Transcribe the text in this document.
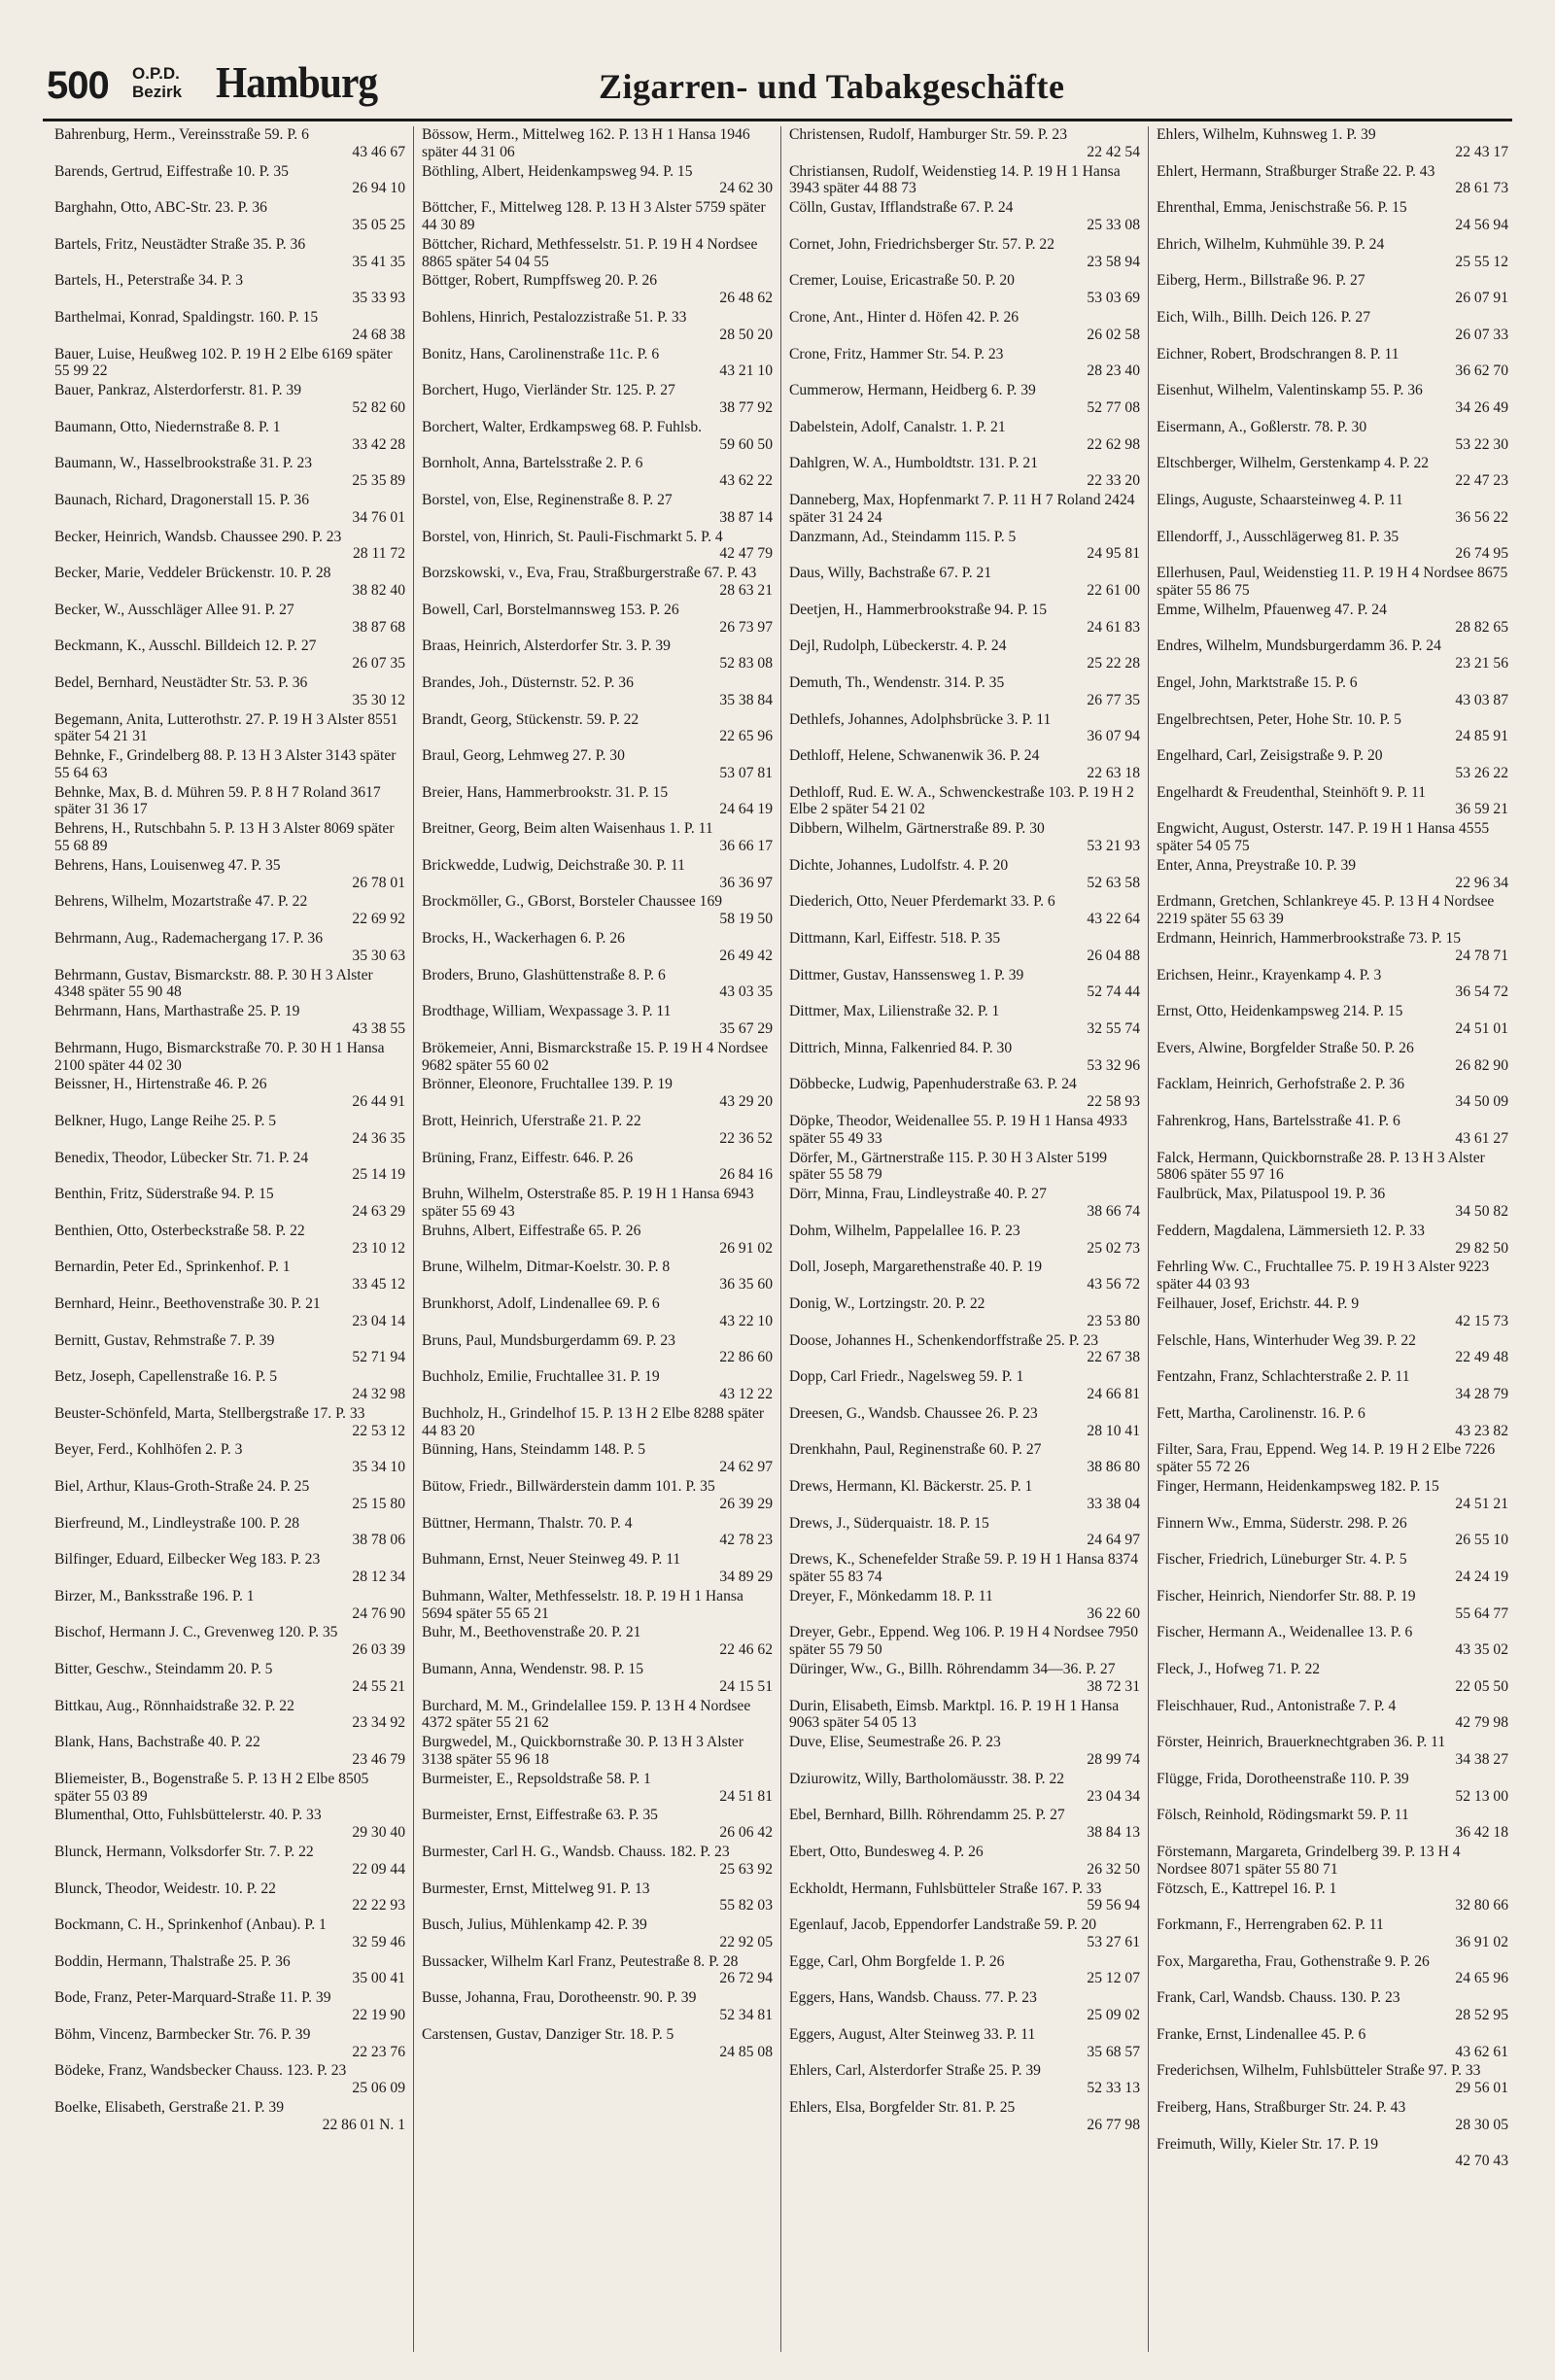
500 O.P.D.
Bezirk Hamburg	Zigarren- und Tabakgeschäfte
Bahrenburg, Herm., Vereinsstraße 59. P. 6
43 46 67
Barends, Gertrud, Eiffestraße 10. P. 35
26 94 10
Barghahn, Otto, ABC-Str. 23. P. 36
35 05 25
Bartels, Fritz, Neustädter Straße 35. P. 36
35 41 35
Bartels, H., Peterstraße 34. P. 3
35 33 93
Barthelmai, Konrad, Spaldingstr. 160. P. 15
24 68 38
Bauer, Luise, Heußweg 102. P. 19 H 2 Elbe 6169 später 55 99 22
Bauer, Pankraz, Alsterdorferstr. 81. P. 39
52 82 60
Baumann, Otto, Niedernstraße 8. P. 1
33 42 28
Baumann, W., Hasselbrookstraße 31. P. 23
25 35 89
Baunach, Richard, Dragonerstall 15. P. 36
34 76 01
Becker, Heinrich, Wandsb. Chaussee 290. P. 23
28 11 72
Becker, Marie, Veddeler Brückenstr. 10. P. 28
38 82 40
Becker, W., Ausschläger Allee 91. P. 27
38 87 68
Beckmann, K., Ausschl. Billdeich 12. P. 27
26 07 35
Bedel, Bernhard, Neustädter Str. 53. P. 36
35 30 12
Begemann, Anita, Lutterothstr. 27. P. 19 H 3 Alster 8551 später 54 21 31
Behnke, F., Grindelberg 88. P. 13 H 3 Alster 3143 später 55 64 63
Behnke, Max, B. d. Mühren 59. P. 8 H 7 Roland 3617 später 31 36 17
Behrens, H., Rutschbahn 5. P. 13 H 3 Alster 8069 später 55 68 89
Behrens, Hans, Louisenweg 47. P. 35
26 78 01
Behrens, Wilhelm, Mozartstraße 47. P. 22
22 69 92
Behrmann, Aug., Rademachergang 17. P. 36
35 30 63
Behrmann, Gustav, Bismarckstr. 88. P. 30 H 3 Alster 4348 später 55 90 48
Behrmann, Hans, Marthastraße 25. P. 19
43 38 55
Behrmann, Hugo, Bismarckstraße 70. P. 30 H 1 Hansa 2100 später 44 02 30
Beissner, H., Hirtenstraße 46. P. 26
26 44 91
Belkner, Hugo, Lange Reihe 25. P. 5
24 36 35
Benedix, Theodor, Lübecker Str. 71. P. 24
25 14 19
Benthin, Fritz, Süderstraße 94. P. 15
24 63 29
Benthien, Otto, Osterbeckstraße 58. P. 22
23 10 12
Bernardin, Peter Ed., Sprinkenhof. P. 1
33 45 12
Bernhard, Heinr., Beethovenstraße 30. P. 21
23 04 14
Bernitt, Gustav, Rehmstraße 7. P. 39
52 71 94
Betz, Joseph, Capellenstraße 16. P. 5
24 32 98
Beuster-Schönfeld, Marta, Stellbergstraße 17. P. 33
22 53 12
Beyer, Ferd., Kohlhöfen 2. P. 3
35 34 10
Biel, Arthur, Klaus-Groth-Straße 24. P. 25
25 15 80
Bierfreund, M., Lindleystraße 100. P. 28
38 78 06
Bilfinger, Eduard, Eilbecker Weg 183. P. 23
28 12 34
Birzer, M., Banksstraße 196. P. 1
24 76 90
Bischof, Hermann J. C., Grevenweg 120. P. 35
26 03 39
Bitter, Geschw., Steindamm 20. P. 5
24 55 21
Bittkau, Aug., Rönnhaidstraße 32. P. 22
23 34 92
Blank, Hans, Bachstraße 40. P. 22
23 46 79
Bliemeister, B., Bogenstraße 5. P. 13 H 2 Elbe 8505 später 55 03 89
Blumenthal, Otto, Fuhlsbüttelerstr. 40. P. 33
29 30 40
Blunck, Hermann, Volksdorfer Str. 7. P. 22
22 09 44
Blunck, Theodor, Weidestr. 10. P. 22
22 22 93
Bockmann, C. H., Sprinkenhof (Anbau). P. 1
32 59 46
Boddin, Hermann, Thalstraße 25. P. 36
35 00 41
Bode, Franz, Peter-Marquard-Straße 11. P. 39
22 19 90
Böhm, Vincenz, Barmbecker Str. 76. P. 39
22 23 76
Bödeke, Franz, Wandsbecker Chauss. 123. P. 23
25 06 09
Boelke, Elisabeth, Gerstraße 21. P. 39
22 86 01 N. 1
Bössow, Herm., Mittelweg 162. P. 13 H 1 Hansa 1946 später 44 31 06
Böthling, Albert, Heidenkampsweg 94. P. 15
24 62 30
Böttcher, F., Mittelweg 128. P. 13 H 3 Alster 5759 später 44 30 89
Böttcher, Richard, Methfesselstr. 51. P. 19 H 4 Nordsee 8865 später 54 04 55
Böttger, Robert, Rumpffsweg 20. P. 26
26 48 62
Bohlens, Hinrich, Pestalozzistraße 51. P. 33
28 50 20
Bonitz, Hans, Carolinenstraße 11c. P. 6
43 21 10
Borchert, Hugo, Vierländer Str. 125. P. 27
38 77 92
Borchert, Walter, Erdkampsweg 68. P. Fuhlsb.
59 60 50
Bornholt, Anna, Bartelsstraße 2. P. 6
43 62 22
Borstel, von, Else, Reginenstraße 8. P. 27
38 87 14
Borstel, von, Hinrich, St. Pauli-Fischmarkt 5. P. 4
42 47 79
Borzskowski, v., Eva, Frau, Straßburgerstraße 67. P. 43
28 63 21
Bowell, Carl, Borstelmannsweg 153. P. 26
26 73 97
Braas, Heinrich, Alsterdorfer Str. 3. P. 39
52 83 08
Brandes, Joh., Düsternstr. 52. P. 36
35 38 84
Brandt, Georg, Stückenstr. 59. P. 22
22 65 96
Braul, Georg, Lehmweg 27. P. 30
53 07 81
Breier, Hans, Hammerbrookstr. 31. P. 15
24 64 19
Breitner, Georg, Beim alten Waisenhaus 1. P. 11
36 66 17
Brickwedde, Ludwig, Deichstraße 30. P. 11
36 36 97
Brockmöller, G., GBorst, Borsteler Chaussee 169
58 19 50
Brocks, H., Wackerhagen 6. P. 26
26 49 42
Broders, Bruno, Glashüttenstraße 8. P. 6
43 03 35
Brodthage, William, Wexpassage 3. P. 11
35 67 29
Brökemeier, Anni, Bismarckstraße 15. P. 19 H 4 Nordsee 9682 später 55 60 02
Brönner, Eleonore, Fruchtallee 139. P. 19
43 29 20
Brott, Heinrich, Uferstraße 21. P. 22
22 36 52
Brüning, Franz, Eiffestr. 646. P. 26
26 84 16
Bruhn, Wilhelm, Osterstraße 85. P. 19 H 1 Hansa 6943 später 55 69 43
Bruhns, Albert, Eiffestraße 65. P. 26
26 91 02
Brune, Wilhelm, Ditmar-Koelstr. 30. P. 8
36 35 60
Brunkhorst, Adolf, Lindenallee 69. P. 6
43 22 10
Bruns, Paul, Mundsburgerdamm 69. P. 23
22 86 60
Buchholz, Emilie, Fruchtallee 31. P. 19
43 12 22
Buchholz, H., Grindelhof 15. P. 13 H 2 Elbe 8288 später 44 83 20
Bünning, Hans, Steindamm 148. P. 5
24 62 97
Bütow, Friedr., Billwärderstein damm 101. P. 35
26 39 29
Büttner, Hermann, Thalstr. 70. P. 4
42 78 23
Buhmann, Ernst, Neuer Steinweg 49. P. 11
34 89 29
Buhmann, Walter, Methfesselstr. 18. P. 19 H 1 Hansa 5694 später 55 65 21
Buhr, M., Beethovenstraße 20. P. 21
22 46 62
Bumann, Anna, Wendenstr. 98. P. 15
24 15 51
Burchard, M. M., Grindelallee 159. P. 13 H 4 Nordsee 4372 später 55 21 62
Burgwedel, M., Quickbornstraße 30. P. 13 H 3 Alster 3138 später 55 96 18
Burmeister, E., Repsoldstraße 58. P. 1
24 51 81
Burmeister, Ernst, Eiffestraße 63. P. 35
26 06 42
Burmester, Carl H. G., Wandsb. Chauss. 182. P. 23
25 63 92
Burmester, Ernst, Mittelweg 91. P. 13
55 82 03
Busch, Julius, Mühlenkamp 42. P. 39
22 92 05
Bussacker, Wilhelm Karl Franz, Peutestraße 8. P. 28
26 72 94
Busse, Johanna, Frau, Dorotheenstr. 90. P. 39
52 34 81
Carstensen, Gustav, Danziger Str. 18. P. 5
24 85 08
Christensen, Rudolf, Hamburger Str. 59. P. 23
22 42 54
Christiansen, Rudolf, Weidenstieg 14. P. 19 H 1 Hansa 3943 später 44 88 73
Cölln, Gustav, Ifflandstraße 67. P. 24
25 33 08
Cornet, John, Friedrichsberger Str. 57. P. 22
23 58 94
Cremer, Louise, Ericastraße 50. P. 20
53 03 69
Crone, Ant., Hinter d. Höfen 42. P. 26
26 02 58
Crone, Fritz, Hammer Str. 54. P. 23
28 23 40
Cummerow, Hermann, Heidberg 6. P. 39
52 77 08
Dabelstein, Adolf, Canalstr. 1. P. 21
22 62 98
Dahlgren, W. A., Humboldtstr. 131. P. 21
22 33 20
Danneberg, Max, Hopfenmarkt 7. P. 11 H 7 Roland 2424 später 31 24 24
Danzmann, Ad., Steindamm 115. P. 5
24 95 81
Daus, Willy, Bachstraße 67. P. 21
22 61 00
Deetjen, H., Hammerbrookstraße 94. P. 15
24 61 83
Dejl, Rudolph, Lübeckerstr. 4. P. 24
25 22 28
Demuth, Th., Wendenstr. 314. P. 35
26 77 35
Dethlefs, Johannes, Adolphsbrücke 3. P. 11
36 07 94
Dethloff, Helene, Schwanenwik 36. P. 24
22 63 18
Dethloff, Rud. E. W. A., Schwenckestraße 103. P. 19 H 2 Elbe 2 später 54 21 02
Dibbern, Wilhelm, Gärtnerstraße 89. P. 30
53 21 93
Dichte, Johannes, Ludolfstr. 4. P. 20
52 63 58
Diederich, Otto, Neuer Pferdemarkt 33. P. 6
43 22 64
Dittmann, Karl, Eiffestr. 518. P. 35
26 04 88
Dittmer, Gustav, Hanssensweg 1. P. 39
52 74 44
Dittmer, Max, Lilienstraße 32. P. 1
32 55 74
Dittrich, Minna, Falkenried 84. P. 30
53 32 96
Döbbecke, Ludwig, Papenhuderstraße 63. P. 24
22 58 93
Döpke, Theodor, Weidenallee 55. P. 19 H 1 Hansa 4933 später 55 49 33
Dörfer, M., Gärtnerstraße 115. P. 30 H 3 Alster 5199 später 55 58 79
Dörr, Minna, Frau, Lindleystraße 40. P. 27
38 66 74
Dohm, Wilhelm, Pappelallee 16. P. 23
25 02 73
Doll, Joseph, Margarethenstraße 40. P. 19
43 56 72
Donig, W., Lortzingstr. 20. P. 22
23 53 80
Doose, Johannes H., Schenkendorffstraße 25. P. 23
22 67 38
Dopp, Carl Friedr., Nagelsweg 59. P. 1
24 66 81
Dreesen, G., Wandsb. Chaussee 26. P. 23
28 10 41
Drenkhahn, Paul, Reginenstraße 60. P. 27
38 86 80
Drews, Hermann, Kl. Bäckerstr. 25. P. 1
33 38 04
Drews, J., Süderquaistr. 18. P. 15
24 64 97
Drews, K., Schenefelder Straße 59. P. 19 H 1 Hansa 8374 später 55 83 74
Dreyer, F., Mönkedamm 18. P. 11
36 22 60
Dreyer, Gebr., Eppend. Weg 106. P. 19 H 4 Nordsee 7950 später 55 79 50
Düringer, Ww., G., Billh. Röhrendamm 34—36. P. 27
38 72 31
Durin, Elisabeth, Eimsb. Marktpl. 16. P. 19 H 1 Hansa 9063 später 54 05 13
Duve, Elise, Seumestraße 26. P. 23
28 99 74
Dziurowitz, Willy, Bartholomäusstr. 38. P. 22
23 04 34
Ebel, Bernhard, Billh. Röhrendamm 25. P. 27
38 84 13
Ebert, Otto, Bundesweg 4. P. 26
26 32 50
Eckholdt, Hermann, Fuhlsbütteler Straße 167. P. 33
59 56 94
Egenlauf, Jacob, Eppendorfer Landstraße 59. P. 20
53 27 61
Egge, Carl, Ohm Borgfelde 1. P. 26
25 12 07
Eggers, Hans, Wandsb. Chauss. 77. P. 23
25 09 02
Eggers, August, Alter Steinweg 33. P. 11
35 68 57
Ehlers, Carl, Alsterdorfer Straße 25. P. 39
52 33 13
Ehlers, Elsa, Borgfelder Str. 81. P. 25
26 77 98
Ehlers, Wilhelm, Kuhnsweg 1. P. 39
22 43 17
Ehlert, Hermann, Straßburger Straße 22. P. 43
28 61 73
Ehrenthal, Emma, Jenischstraße 56. P. 15
24 56 94
Ehrich, Wilhelm, Kuhmühle 39. P. 24
25 55 12
Eiberg, Herm., Billstraße 96. P. 27
26 07 91
Eich, Wilh., Billh. Deich 126. P. 27
26 07 33
Eichner, Robert, Brodschrangen 8. P. 11
36 62 70
Eisenhut, Wilhelm, Valentinskamp 55. P. 36
34 26 49
Eisermann, A., Goßlerstr. 78. P. 30
53 22 30
Eltschberger, Wilhelm, Gerstenkamp 4. P. 22
22 47 23
Elings, Auguste, Schaarsteinweg 4. P. 11
36 56 22
Ellendorff, J., Ausschlägerweg 81. P. 35
26 74 95
Ellerhusen, Paul, Weidenstieg 11. P. 19 H 4 Nordsee 8675 später 55 86 75
Emme, Wilhelm, Pfauenweg 47. P. 24
28 82 65
Endres, Wilhelm, Mundsburgerdamm 36. P. 24
23 21 56
Engel, John, Marktstraße 15. P. 6
43 03 87
Engelbrechtsen, Peter, Hohe Str. 10. P. 5
24 85 91
Engelhard, Carl, Zeisigstraße 9. P. 20
53 26 22
Engelhardt & Freudenthal, Steinhöft 9. P. 11
36 59 21
Engwicht, August, Osterstr. 147. P. 19 H 1 Hansa 4555 später 54 05 75
Enter, Anna, Preystraße 10. P. 39
22 96 34
Erdmann, Gretchen, Schlankreye 45. P. 13 H 4 Nordsee 2219 später 55 63 39
Erdmann, Heinrich, Hammerbrookstraße 73. P. 15
24 78 71
Erichsen, Heinr., Krayenkamp 4. P. 3
36 54 72
Ernst, Otto, Heidenkampsweg 214. P. 15
24 51 01
Evers, Alwine, Borgfelder Straße 50. P. 26
26 82 90
Facklam, Heinrich, Gerhofstraße 2. P. 36
34 50 09
Fahrenkrog, Hans, Bartelsstraße 41. P. 6
43 61 27
Falck, Hermann, Quickbornstraße 28. P. 13 H 3 Alster 5806 später 55 97 16
Faulbrück, Max, Pilatuspool 19. P. 36
34 50 82
Feddern, Magdalena, Lämmersieth 12. P. 33
29 82 50
Fehrling Ww. C., Fruchtallee 75. P. 19 H 3 Alster 9223 später 44 03 93
Feilhauer, Josef, Erichstr. 44. P. 9
42 15 73
Felschle, Hans, Winterhuder Weg 39. P. 22
22 49 48
Fentzahn, Franz, Schlachterstraße 2. P. 11
34 28 79
Fett, Martha, Carolinenstr. 16. P. 6
43 23 82
Filter, Sara, Frau, Eppend. Weg 14. P. 19 H 2 Elbe 7226 später 55 72 26
Finger, Hermann, Heidenkampsweg 182. P. 15
24 51 21
Finnern Ww., Emma, Süderstr. 298. P. 26
26 55 10
Fischer, Friedrich, Lüneburger Str. 4. P. 5
24 24 19
Fischer, Heinrich, Niendorfer Str. 88. P. 19
55 64 77
Fischer, Hermann A., Weidenallee 13. P. 6
43 35 02
Fleck, J., Hofweg 71. P. 22
22 05 50
Fleischhauer, Rud., Antonistraße 7. P. 4
42 79 98
Förster, Heinrich, Brauerknechtgraben 36. P. 11
34 38 27
Flügge, Frida, Dorotheenstraße 110. P. 39
52 13 00
Fölsch, Reinhold, Rödingsmarkt 59. P. 11
36 42 18
Förstemann, Margareta, Grindelberg 39. P. 13 H 4 Nordsee 8071 später 55 80 71
Fötzsch, E., Kattrepel 16. P. 1
32 80 66
Forkmann, F., Herrengraben 62. P. 11
36 91 02
Fox, Margaretha, Frau, Gothenstraße 9. P. 26
24 65 96
Frank, Carl, Wandsb. Chauss. 130. P. 23
28 52 95
Franke, Ernst, Lindenallee 45. P. 6
43 62 61
Frederichsen, Wilhelm, Fuhlsbütteler Straße 97. P. 33
29 56 01
Freiberg, Hans, Straßburger Str. 24. P. 43
28 30 05
Freimuth, Willy, Kieler Str. 17. P. 19
42 70 43
